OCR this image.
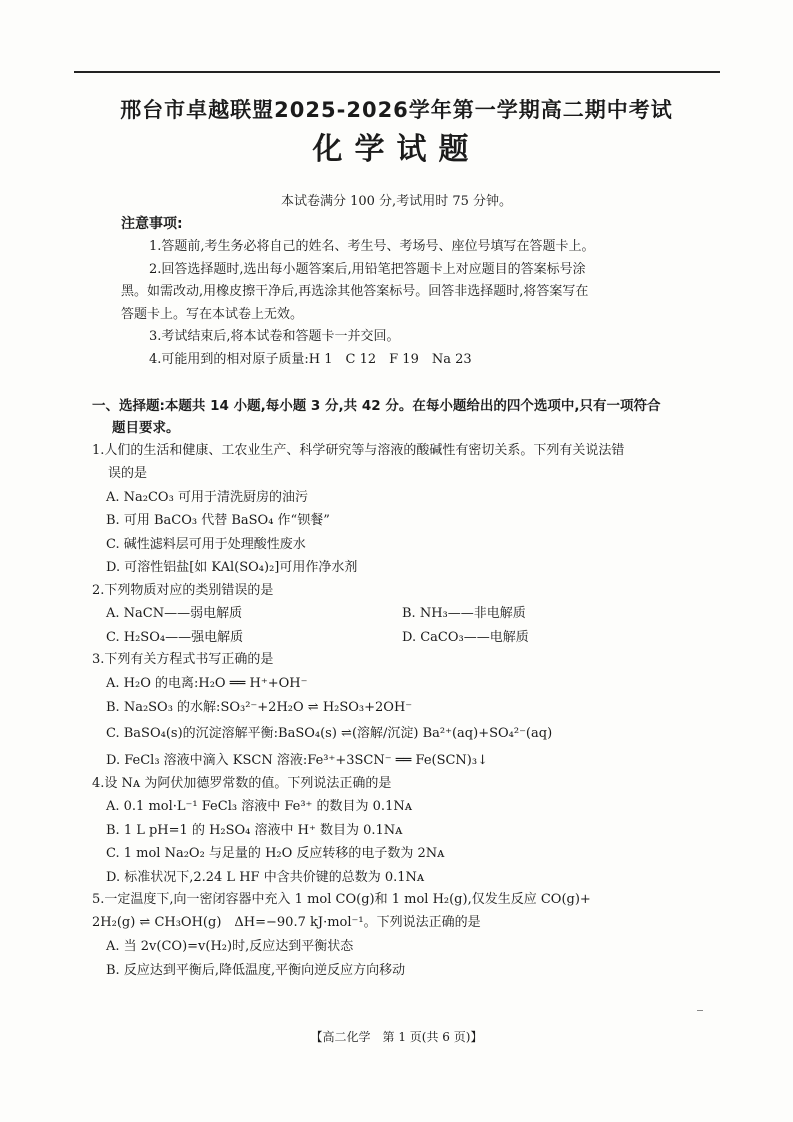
邢台市卓越联盟2025-2026学年第一学期高二期中考试
化学试题
本试卷满分 100 分,考试用时 75 分钟。
注意事项:

1.答题前,考生务必将自己的姓名、考生号、考场号、座位号填写在答题卡上。

2.回答选择题时,选出每小题答案后,用铅笔把答题卡上对应题目的答案标号涂

黑。如需改动,用橡皮擦干净后,再选涂其他答案标号。回答非选择题时,将答案写在

答题卡上。写在本试卷上无效。

3.考试结束后,将本试卷和答题卡一并交回。

4.可能用到的相对原子质量:H 1　C 12　F 19　Na 23

一、选择题:本题共 14 小题,每小题 3 分,共 42 分。在每小题给出的四个选项中,只有一项符合
题目要求。
1.人们的生活和健康、工农业生产、科学研究等与溶液的酸碱性有密切关系。下列有关说法错
误的是
A. Na₂CO₃ 可用于清洗厨房的油污
B. 可用 BaCO₃ 代替 BaSO₄ 作“钡餐”
C. 碱性滤料层可用于处理酸性废水
D. 可溶性铝盐[如 KAl(SO₄)₂]可用作净水剂
2.下列物质对应的类别错误的是
A. NaCN——弱电解质	B. NH₃——非电解质
C. H₂SO₄——强电解质	D. CaCO₃——电解质
3.下列有关方程式书写正确的是
A. H₂O 的电离:H₂O ══ H⁺+OH⁻
B. Na₂SO₃ 的水解:SO₃²⁻+2H₂O ⇌ H₂SO₃+2OH⁻
C. BaSO₄(s)的沉淀溶解平衡:BaSO₄(s) ⇌(溶解/沉淀) Ba²⁺(aq)+SO₄²⁻(aq)
D. FeCl₃ 溶液中滴入 KSCN 溶液:Fe³⁺+3SCN⁻ ══ Fe(SCN)₃↓
4.设 Nᴀ 为阿伏加德罗常数的值。下列说法正确的是
A. 0.1 mol·L⁻¹ FeCl₃ 溶液中 Fe³⁺ 的数目为 0.1Nᴀ
B. 1 L pH=1 的 H₂SO₄ 溶液中 H⁺ 数目为 0.1Nᴀ
C. 1 mol Na₂O₂ 与足量的 H₂O 反应转移的电子数为 2Nᴀ
D. 标准状况下,2.24 L HF 中含共价键的总数为 0.1Nᴀ
5.一定温度下,向一密闭容器中充入 1 mol CO(g)和 1 mol H₂(g),仅发生反应 CO(g)+
2H₂(g) ⇌ CH₃OH(g)　ΔH=−90.7 kJ·mol⁻¹。下列说法正确的是
A. 当 2v(CO)=v(H₂)时,反应达到平衡状态
B. 反应达到平衡后,降低温度,平衡向逆反应方向移动
【高二化学　第 1 页(共 6 页)】
